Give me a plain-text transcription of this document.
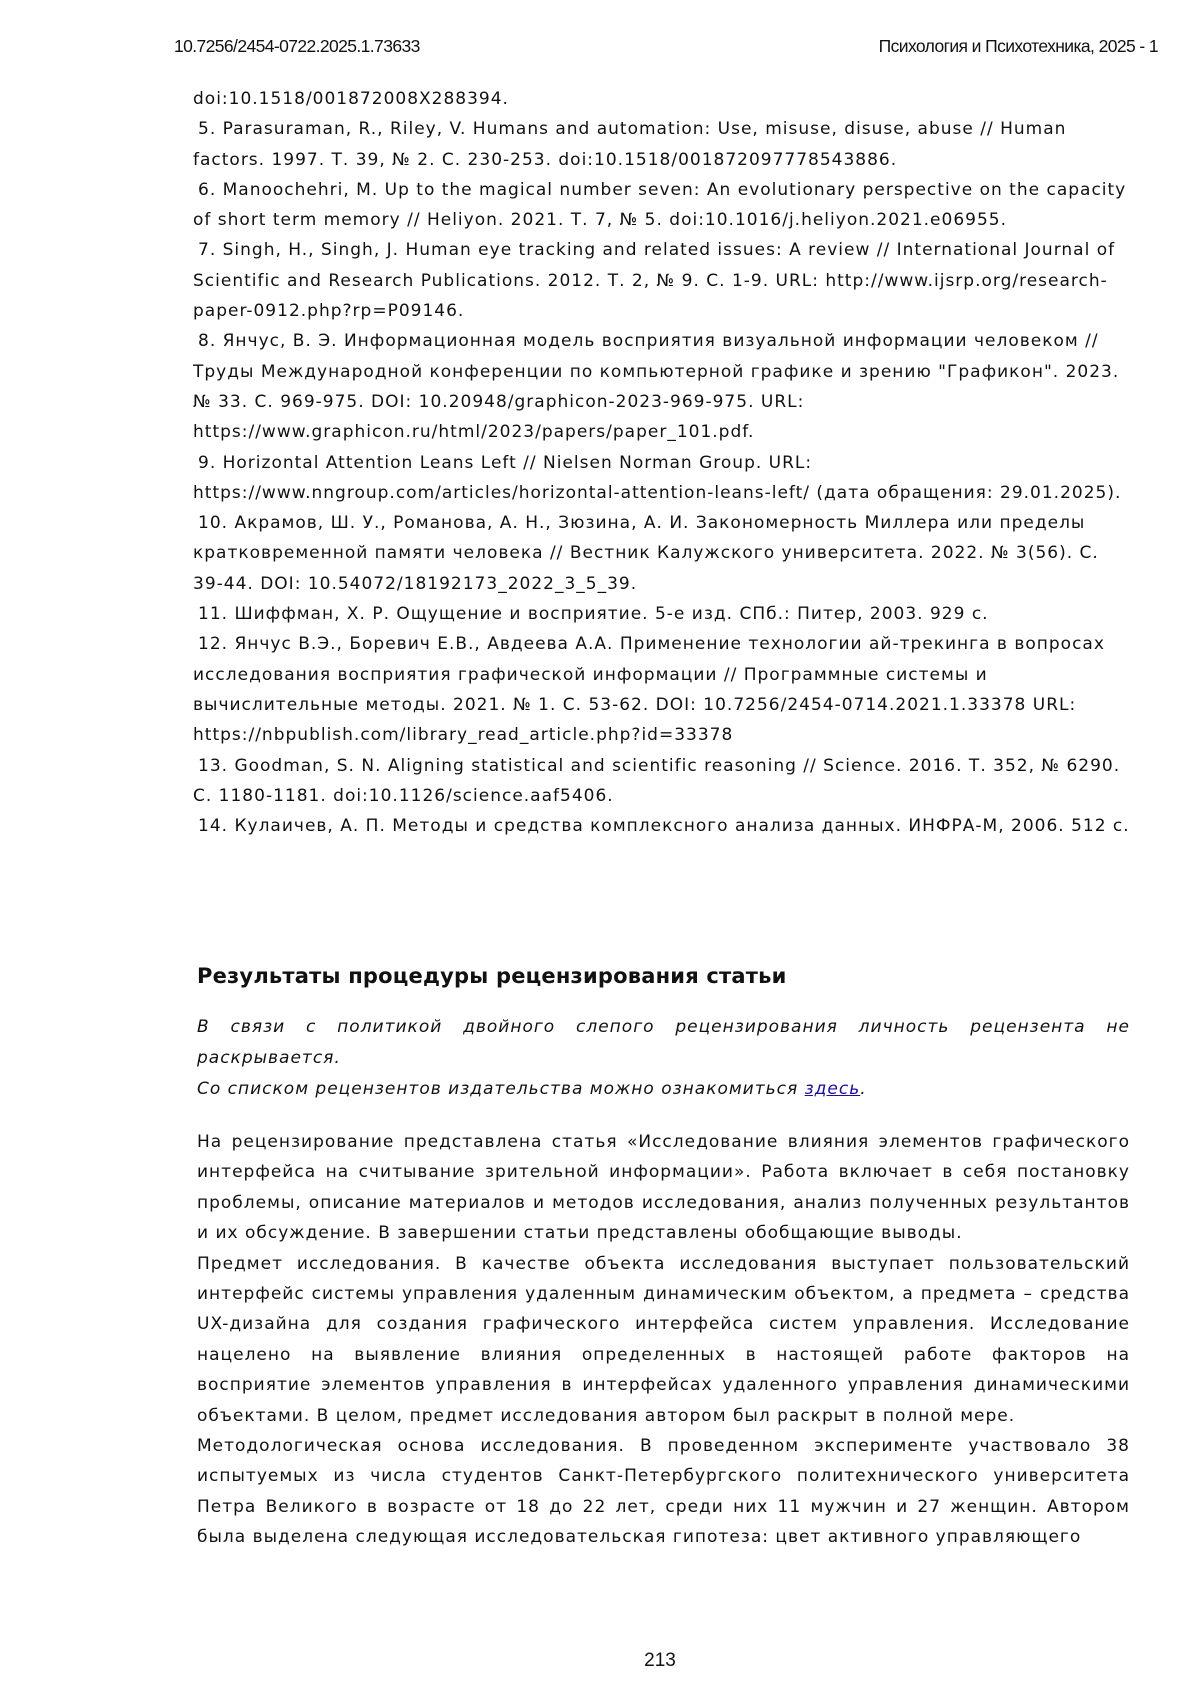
10.7256/2454-0722.2025.1.73633	Психология и Психотехника, 2025 - 1

doi:10.1518/001872008X288394.

5. Parasuraman, R., Riley, V. Humans and automation: Use, misuse, disuse, abuse // Human factors. 1997. Т. 39, № 2. С. 230-253. doi:10.1518/001872097778543886.

6. Manoochehri, M. Up to the magical number seven: An evolutionary perspective on the capacity of short term memory // Heliyon. 2021. Т. 7, № 5. doi:10.1016/j.heliyon.2021.e06955.

7. Singh, H., Singh, J. Human eye tracking and related issues: A review // International Journal of Scientific and Research Publications. 2012. Т. 2, № 9. С. 1-9. URL: http://www.ijsrp.org/research-paper-0912.php?rp=P09146.

8. Янчус, В. Э. Информационная модель восприятия визуальной информации человеком // Труды Международной конференции по компьютерной графике и зрению "Графикон". 2023. № 33. С. 969-975. DOI: 10.20948/graphicon-2023-969-975. URL: https://www.graphicon.ru/html/2023/papers/paper_101.pdf.

9. Horizontal Attention Leans Left // Nielsen Norman Group. URL: https://www.nngroup.com/articles/horizontal-attention-leans-left/ (дата обращения: 29.01.2025).

10. Акрамов, Ш. У., Романова, А. Н., Зюзина, А. И. Закономерность Миллера или пределы кратковременной памяти человека // Вестник Калужского университета. 2022. № 3(56). С. 39-44. DOI: 10.54072/18192173_2022_3_5_39.

11. Шиффман, Х. Р. Ощущение и восприятие. 5-е изд. СПб.: Питер, 2003. 929 с.

12. Янчус В.Э., Боревич Е.В., Авдеева А.А. Применение технологии ай-трекинга в вопросах исследования восприятия графической информации // Программные системы и вычислительные методы. 2021. № 1. С. 53-62. DOI: 10.7256/2454-0714.2021.1.33378 URL: https://nbpublish.com/library_read_article.php?id=33378

13. Goodman, S. N. Aligning statistical and scientific reasoning // Science. 2016. Т. 352, № 6290. С. 1180-1181. doi:10.1126/science.aaf5406.

14. Кулаичев, А. П. Методы и средства комплексного анализа данных. ИНФРА-М, 2006. 512 с.

Результаты процедуры рецензирования статьи

В связи с политикой двойного слепого рецензирования личность рецензента не раскрывается.

Со списком рецензентов издательства можно ознакомиться здесь.

На рецензирование представлена статья «Исследование влияния элементов графического интерфейса на считывание зрительной информации». Работа включает в себя постановку проблемы, описание материалов и методов исследования, анализ полученных результантов и их обсуждение. В завершении статьи представлены обобщающие выводы.

Предмет исследования. В качестве объекта исследования выступает пользовательский интерфейс системы управления удаленным динамическим объектом, а предмета – средства UX-дизайна для создания графического интерфейса систем управления. Исследование нацелено на выявление влияния определенных в настоящей работе факторов на восприятие элементов управления в интерфейсах удаленного управления динамическими объектами. В целом, предмет исследования автором был раскрыт в полной мере.

Методологическая основа исследования. В проведенном эксперименте участвовало 38 испытуемых из числа студентов Санкт-Петербургского политехнического университета Петра Великого в возрасте от 18 до 22 лет, среди них 11 мужчин и 27 женщин. Автором была выделена следующая исследовательская гипотеза: цвет активного управляющего

213
